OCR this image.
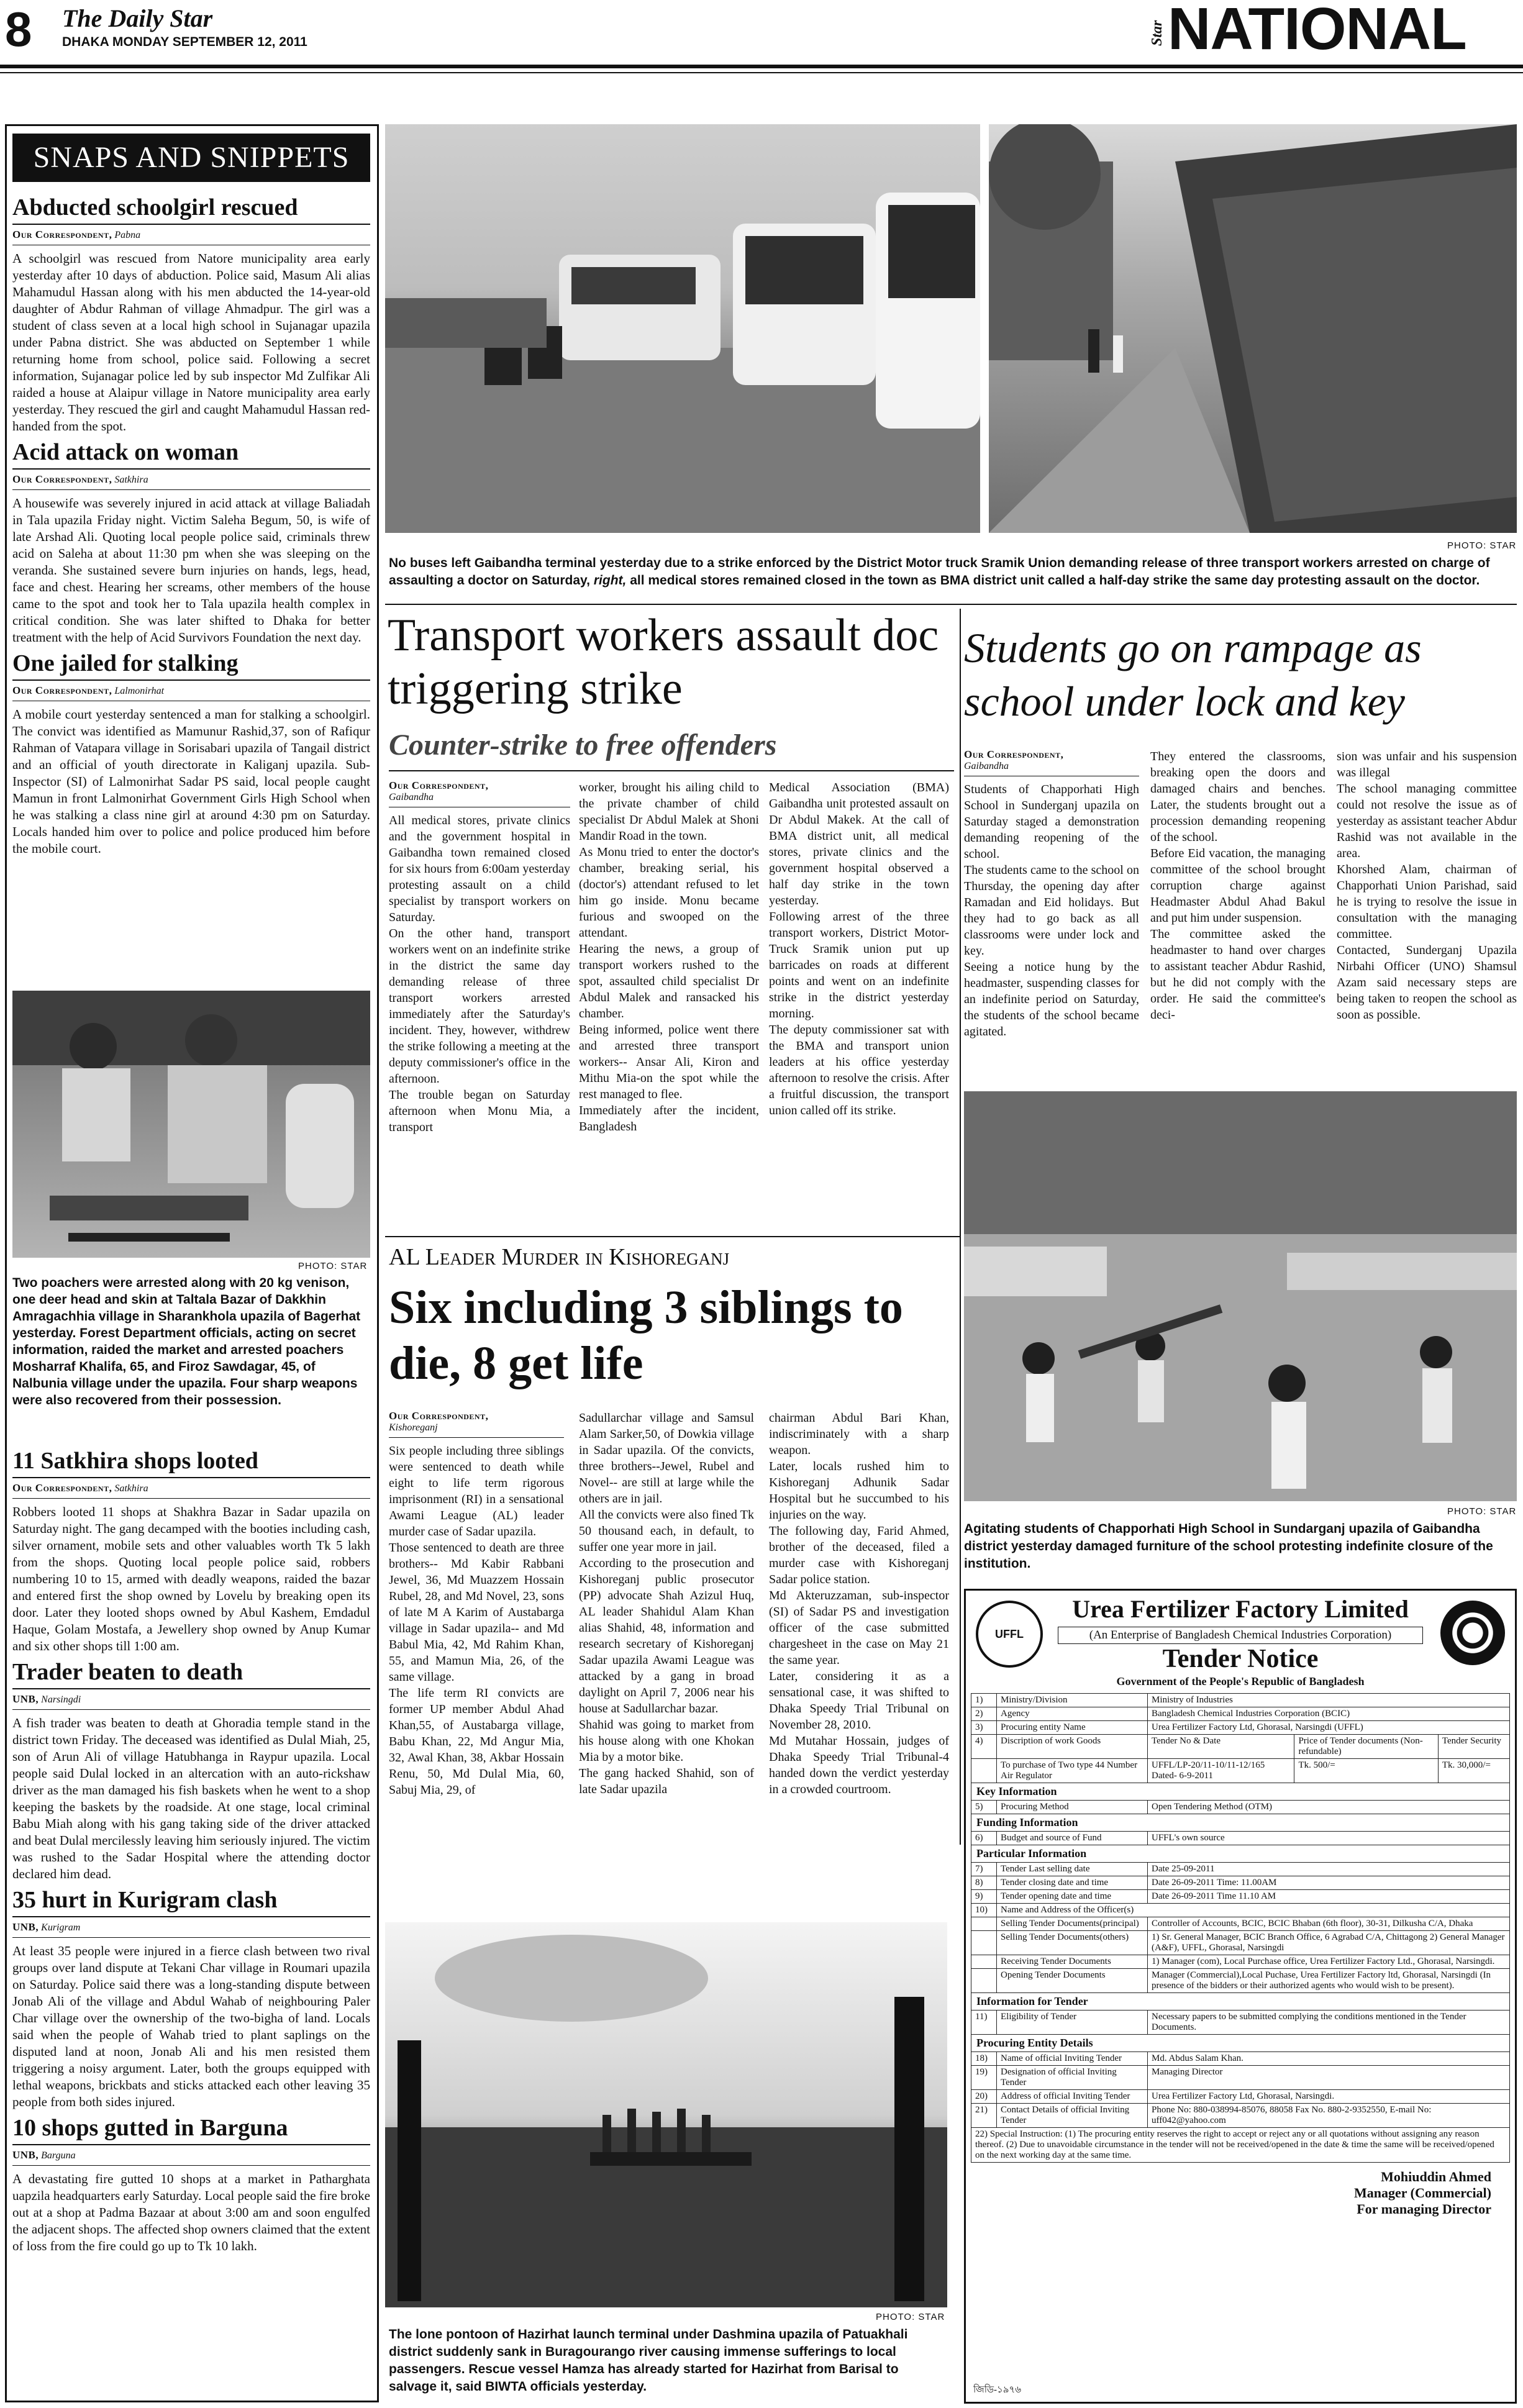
8 The Daily Star
DHAKA MONDAY SEPTEMBER 12, 2011	Star NATIONAL
SNAPS AND SNIPPETS
Abducted schoolgirl rescued
Our Correspondent, Pabna

A schoolgirl was rescued from Natore municipality area early yesterday after 10 days of abduction. Police said, Masum Ali alias Mahamudul Hassan along with his men abducted the 14-year-old daughter of Abdur Rahman of village Ahmadpur. The girl was a student of class seven at a local high school in Sujanagar upazila under Pabna district. She was abducted on September 1 while returning home from school, police said. Following a secret information, Sujanagar police led by sub inspector Md Zulfikar Ali raided a house at Alaipur village in Natore municipality area early yesterday. They rescued the girl and caught Mahamudul Hassan red-handed from the spot.

Acid attack on woman
Our Correspondent, Satkhira

A housewife was severely injured in acid attack at village Baliadah in Tala upazila Friday night. Victim Saleha Begum, 50, is wife of late Arshad Ali. Quoting local people police said, criminals threw acid on Saleha at about 11:30 pm when she was sleeping on the veranda. She sustained severe burn injuries on hands, legs, head, face and chest. Hearing her screams, other members of the house came to the spot and took her to Tala upazila health complex in critical condition. She was later shifted to Dhaka for better treatment with the help of Acid Survivors Foundation the next day.

One jailed for stalking
Our Correspondent, Lalmonirhat

A mobile court yesterday sentenced a man for stalking a schoolgirl. The convict was identified as Mamunur Rashid,37, son of Rafiqur Rahman of Vatapara village in Sorisabari upazila of Tangail district and an official of youth directorate in Kaliganj upazila. Sub-Inspector (SI) of Lalmonirhat Sadar PS said, local people caught Mamun in front Lalmonirhat Government Girls High School when he was stalking a class nine girl at around 4:30 pm on Saturday. Locals handed him over to police and police produced him before the mobile court.

PHOTO: STAR

Two poachers were arrested along with 20 kg venison, one deer head and skin at Taltala Bazar of Dakkhin Amragachhia village in Sharankhola upazila of Bagerhat yesterday. Forest Department officials, acting on secret information, raided the market and arrested poachers Mosharraf Khalifa, 65, and Firoz Sawdagar, 45, of Nalbunia village under the upazila. Four sharp weapons were also recovered from their possession.

11 Satkhira shops looted
Our Correspondent, Satkhira

Robbers looted 11 shops at Shakhra Bazar in Sadar upazila on Saturday night. The gang decamped with the booties including cash, silver ornament, mobile sets and other valuables worth Tk 5 lakh from the shops. Quoting local people police said, robbers numbering 10 to 15, armed with deadly weapons, raided the bazar and entered first the shop owned by Lovelu by breaking open its door. Later they looted shops owned by Abul Kashem, Emdadul Haque, Golam Mostafa, a Jewellery shop owned by Anup Kumar and six other shops till 1:00 am.

Trader beaten to death
UNB, Narsingdi

A fish trader was beaten to death at Ghoradia temple stand in the district town Friday. The deceased was identified as Dulal Miah, 25, son of Arun Ali of village Hatubhanga in Raypur upazila. Local people said Dulal locked in an altercation with an auto-rickshaw driver as the man damaged his fish baskets when he went to a shop keeping the baskets by the roadside. At one stage, local criminal Babu Miah along with his gang taking side of the driver attacked and beat Dulal mercilessly leaving him seriously injured. The victim was rushed to the Sadar Hospital where the attending doctor declared him dead.

35 hurt in Kurigram clash
UNB, Kurigram

At least 35 people were injured in a fierce clash between two rival groups over land dispute at Tekani Char village in Roumari upazila on Saturday. Police said there was a long-standing dispute between Jonab Ali of the village and Abdul Wahab of neighbouring Paler Char village over the ownership of the two-bigha of land. Locals said when the people of Wahab tried to plant saplings on the disputed land at noon, Jonab Ali and his men resisted them triggering a noisy argument. Later, both the groups equipped with lethal weapons, brickbats and sticks attacked each other leaving 35 people from both sides injured.

10 shops gutted in Barguna
UNB, Barguna

A devastating fire gutted 10 shops at a market in Patharghata uapzila headquarters early Saturday. Local people said the fire broke out at a shop at Padma Bazaar at about 3:00 am and soon engulfed the adjacent shops. The affected shop owners claimed that the extent of loss from the fire could go up to Tk 10 lakh.

PHOTO: STAR

No buses left Gaibandha terminal yesterday due to a strike enforced by the District Motor truck Sramik Union demanding release of three transport workers arrested on charge of assaulting a doctor on Saturday, right, all medical stores remained closed in the town as BMA district unit called a half-day strike the same day protesting assault on the doctor.

Transport workers assault doc triggering strike
Counter-strike to free offenders
Our Correspondent,
Gaibandha

All medical stores, private clinics and the government hospital in Gaibandha town remained closed for six hours from 6:00am yesterday protesting assault on a child specialist by transport workers on Saturday.
On the other hand, transport workers went on an indefinite strike in the district the same day demanding release of three transport workers arrested immediately after the Saturday's incident. They, however, withdrew the strike following a meeting at the deputy commissioner's office in the afternoon.
The trouble began on Saturday afternoon when Monu Mia, a transport

worker, brought his ailing child to the private chamber of child specialist Dr Abdul Malek at Shoni Mandir Road in the town.
As Monu tried to enter the doctor's chamber, breaking serial, his (doctor's) attendant refused to let him go inside. Monu became furious and swooped on the attendant.
Hearing the news, a group of transport workers rushed to the spot, assaulted child specialist Dr Abdul Malek and ransacked his chamber.
Being informed, police went there and arrested three transport workers-- Ansar Ali, Kiron and Mithu Mia-on the spot while the rest managed to flee.
Immediately after the incident, Bangladesh

Medical Association (BMA) Gaibandha unit protested assault on Dr Abdul Makek. At the call of BMA district unit, all medical stores, private clinics and the government hospital observed a half day strike in the town yesterday.
Following arrest of the three transport workers, District Motor-Truck Sramik union put up barricades on roads at different points and went on an indefinite strike in the district yesterday morning.
The deputy commissioner sat with the BMA and transport union leaders at his office yesterday afternoon to resolve the crisis. After a fruitful discussion, the transport union called off its strike.

Students go on rampage as school under lock and key
Our Correspondent,
Gaibandha

Students of Chapporhati High School in Sunderganj upazila on Saturday staged a demonstration demanding reopening of the school.
The students came to the school on Thursday, the opening day after Ramadan and Eid holidays. But they had to go back as all classrooms were under lock and key.
Seeing a notice hung by the headmaster, suspending classes for an indefinite period on Saturday, the students of the school became agitated.

They entered the classrooms, breaking open the doors and damaged chairs and benches. Later, the students brought out a procession demanding reopening of the school.
Before Eid vacation, the managing committee of the school brought corruption charge against Headmaster Abdul Ahad Bakul and put him under suspension.
The committee asked the headmaster to hand over charges to assistant teacher Abdur Rashid, but he did not comply with the order. He said the committee's deci-

sion was unfair and his suspension was illegal
The school managing committee could not resolve the issue as of yesterday as assistant teacher Abdur Rashid was not available in the area.
Khorshed Alam, chairman of Chapporhati Union Parishad, said he is trying to resolve the issue in consultation with the managing committee.
Contacted, Sunderganj Upazila Nirbahi Officer (UNO) Shamsul Azam said necessary steps are being taken to reopen the school as soon as possible.

PHOTO: STAR

Agitating students of Chapporhati High School in Sundarganj upazila of Gaibandha district yesterday damaged furniture of the school protesting indefinite closure of the institution.

AL Leader Murder in Kishoreganj
Six including 3 siblings to die, 8 get life
Our Correspondent,
Kishoreganj

Six people including three siblings were sentenced to death while eight to life term rigorous imprisonment (RI) in a sensational Awami League (AL) leader murder case of Sadar upazila.
Those sentenced to death are three brothers-- Md Kabir Rabbani Jewel, 36, Md Muazzem Hossain Rubel, 28, and Md Novel, 23, sons of late M A Karim of Austabarga village in Sadar upazila-- and Md Babul Mia, 42, Md Rahim Khan, 55, and Mamun Mia, 26, of the same village.
The life term RI convicts are former UP member Abdul Ahad Khan,55, of Austabarga village, Babu Khan, 22, Md Angur Mia, 32, Awal Khan, 38, Akbar Hossain Renu, 50, Md Dulal Mia, 60, Sabuj Mia, 29, of

Sadullarchar village and Samsul Alam Sarker,50, of Dowkia village in Sadar upazila. Of the convicts, three brothers--Jewel, Rubel and Novel-- are still at large while the others are in jail.
All the convicts were also fined Tk 50 thousand each, in default, to suffer one year more in jail.
According to the prosecution and Kishoreganj public prosecutor (PP) advocate Shah Azizul Huq, AL leader Shahidul Alam Khan alias Shahid, 48, information and research secretary of Kishoreganj Sadar upazila Awami League was attacked by a gang in broad daylight on April 7, 2006 near his house at Sadullarchar bazar.
Shahid was going to market from his house along with one Khokan Mia by a motor bike.
The gang hacked Shahid, son of late Sadar upazila

chairman Abdul Bari Khan, indiscriminately with a sharp weapon.
Later, locals rushed him to Kishoreganj Adhunik Sadar Hospital but he succumbed to his injuries on the way.
The following day, Farid Ahmed, brother of the deceased, filed a murder case with Kishoreganj Sadar police station.
Md Akteruzzaman, sub-inspector (SI) of Sadar PS and investigation officer of the case submitted chargesheet in the case on May 21 the same year.
Later, considering it as a sensational case, it was shifted to Dhaka Speedy Trial Tribunal on November 28, 2010.
Md Mutahar Hossain, judges of Dhaka Speedy Trial Tribunal-4 handed down the verdict yesterday in a crowded courtroom.

PHOTO: STAR

The lone pontoon of Hazirhat launch terminal under Dashmina upazila of Patuakhali district suddenly sank in Buragourango river causing immense sufferings to local passengers. Rescue vessel Hamza has already started for Hazirhat from Barisal to salvage it, said BIWTA officials yesterday.

UFFL
Urea Fertilizer Factory Limited
(An Enterprise of Bangladesh Chemical Industries Corporation)
Tender Notice
Government of the People's Republic of Bangladesh
1)	Ministry/Division	Ministry of Industries		
2)	Agency	Bangladesh Chemical Industries Corporation (BCIC)		
3)	Procuring entity Name	Urea Fertilizer Factory Ltd, Ghorasal, Narsingdi (UFFL)		
4)	Discription of work Goods	Tender No & Date	Price of Tender documents (Non-refundable)	Tender Security
	To purchase of Two type 44 Number Air Regulator	UFFL/LP-20/11-10/11-12/165 Dated- 6-9-2011	Tk. 500/=	Tk. 30,000/=
Key Information				
5)	Procuring Method	Open Tendering Method (OTM)		
Funding Information				
6)	Budget and source of Fund	UFFL's own source		
Particular Information				
7)	Tender Last selling date	Date 25-09-2011		
8)	Tender closing date and time	Date 26-09-2011 Time: 11.00AM		
9)	Tender opening date and time	Date 26-09-2011 Time 11.10 AM		
10)	Name and Address of the Officer(s)			
	Selling Tender Documents(principal)	Controller of Accounts, BCIC, BCIC Bhaban (6th floor), 30-31, Dilkusha C/A, Dhaka		
	Selling Tender Documents(others)	1) Sr. General Manager, BCIC Branch Office, 6 Agrabad C/A, Chittagong 2) General Manager (A&F), UFFL, Ghorasal, Narsingdi		
	Receiving Tender Documents	1) Manager (com), Local Purchase office, Urea Fertilizer Factory Ltd., Ghorasal, Narsingdi.		
	Opening Tender Documents	Manager (Commercial),Local Puchase, Urea Fertilizer Factory ltd, Ghorasal, Narsingdi (In presence of the bidders or their authorized agents who would wish to be present).		
Information for Tender				
11)	Eligibility of Tender	Necessary papers to be submitted complying the conditions mentioned in the Tender Documents.		
Procuring Entity Details				
18)	Name of official Inviting Tender	Md. Abdus Salam Khan.		
19)	Designation of official Inviting Tender	Managing Director		
20)	Address of official Inviting Tender	Urea Fertilizer Factory Ltd, Ghorasal, Narsingdi.		
21)	Contact Details of official Inviting Tender	Phone No: 880-038994-85076, 88058 Fax No. 880-2-9352550, E-mail No: uff042@yahoo.com		
22) Special Instruction: (1) The procuring entity reserves the right to accept or reject any or all quotations without assigning any reason thereof. (2) Due to unavoidable circumstance in the tender will not be received/opened in the date & time the same will be received/opened on the next working day at the same time.				
Mohiuddin Ahmed
Manager (Commercial)
For managing Director
জিডি-১৯৭৬
